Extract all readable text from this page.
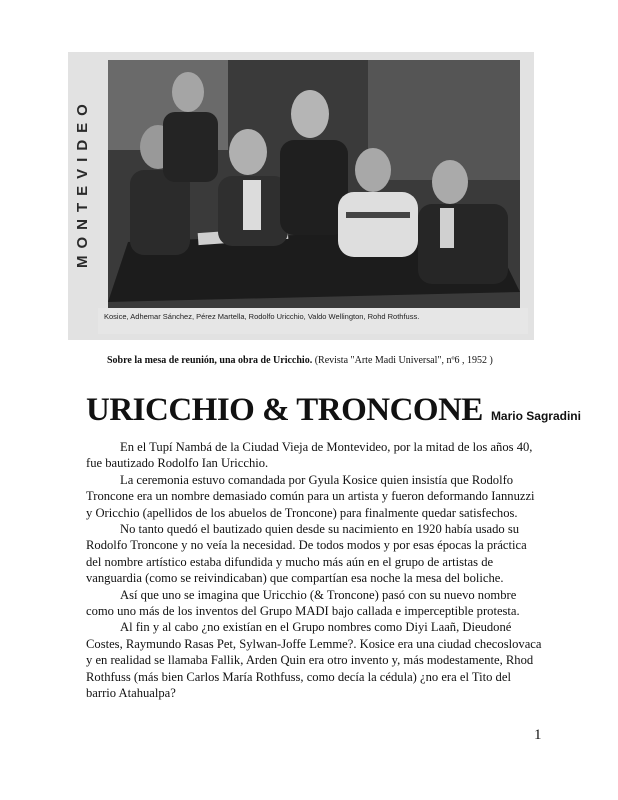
MONTEVIDEO
Kosice, Adhemar Sánchez, Pérez Martella, Rodolfo Uricchio, Valdo Wellington, Rohd Rothfuss.
Sobre la mesa de reunión, una obra de Uricchio. (Revista "Arte Madi Universal", nº6 , 1952 )
URICCHIO & TRONCONE Mario Sagradini

En el Tupí Nambá de la Ciudad Vieja de Montevideo, por la mitad de los años 40, fue bautizado Rodolfo Ian Uricchio.

La ceremonia estuvo comandada por Gyula Kosice quien insistía que Rodolfo Troncone era un nombre demasiado común para un artista y fueron deformando Iannuzzi y Oricchio (apellidos de los abuelos de Troncone) para finalmente quedar satisfechos.

No tanto quedó el bautizado quien desde su nacimiento en 1920 había usado su Rodolfo Troncone y no veía la necesidad. De todos modos y por esas épocas la práctica del nombre artístico estaba difundida y mucho más aún en el grupo de artistas de vanguardia (como se reivindicaban) que compartían esa noche la mesa del boliche.

Así que uno se imagina que Uricchio (& Troncone) pasó con su nuevo nombre como uno más de los inventos del Grupo MADI bajo callada e imperceptible protesta.

Al fin y al cabo ¿no existían en el Grupo nombres como Diyi Laañ, Dieudoné Costes, Raymundo Rasas Pet, Sylwan-Joffe Lemme?. Kosice era una ciudad checoslovaca y en realidad se llamaba Fallik, Arden Quin era otro invento y, más modestamente, Rhod Rothfuss (más bien Carlos María Rothfuss, como decía la cédula) ¿no era el Tito del barrio Atahualpa?

1
